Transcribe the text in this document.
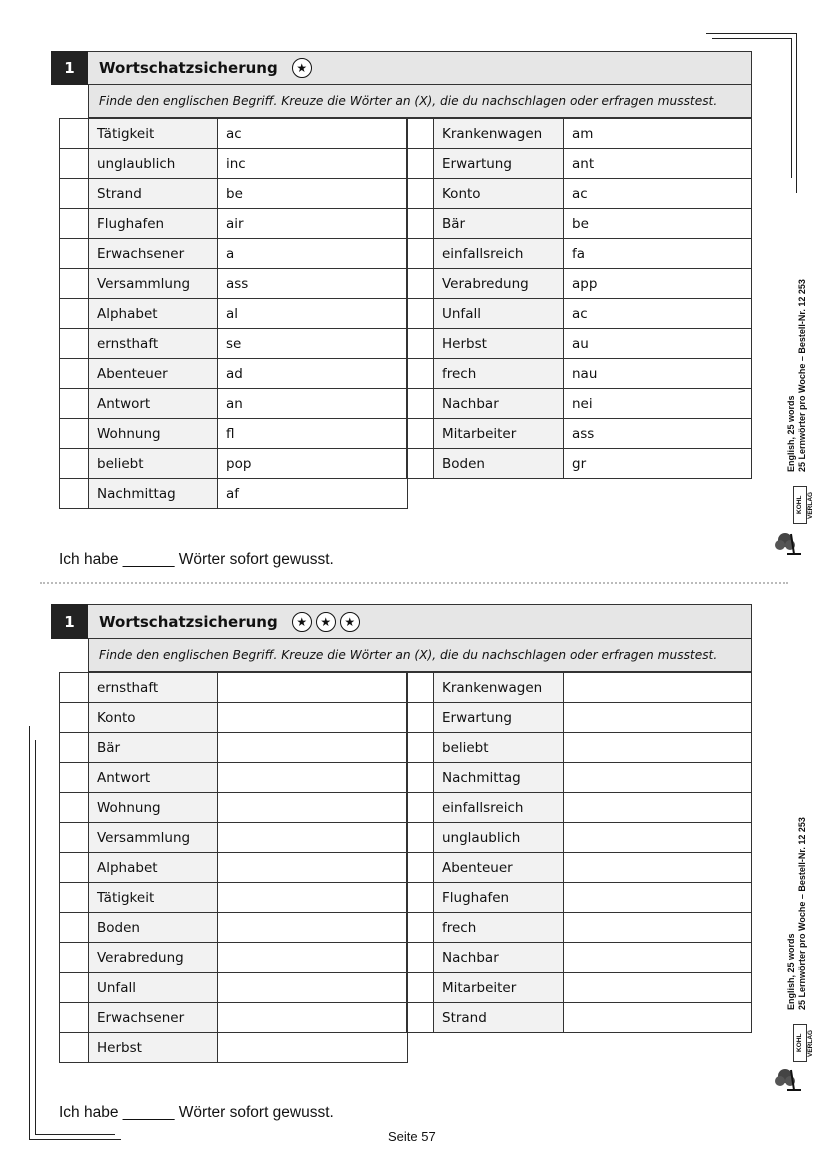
1	Wortschatzsicherung	★
Finde den englischen Begriff. Kreuze die Wörter an (X), die du nachschlagen oder erfragen musstest.
	Tätigkeit	ac
	unglaublich	inc
	Strand	be
	Flughafen	air
	Erwachsener	a
	Versammlung	ass
	Alphabet	al
	ernsthaft	se
	Abenteuer	ad
	Antwort	an
	Wohnung	fl
	beliebt	pop
	Nachmittag	af
	Krankenwagen	am
	Erwartung	ant
	Konto	ac
	Bär	be
	einfallsreich	fa
	Verabredung	app
	Unfall	ac
	Herbst	au
	frech	nau
	Nachbar	nei
	Mitarbeiter	ass
	Boden	gr
Ich habe ______ Wörter sofort gewusst.
1	Wortschatzsicherung	★	★	★
Finde den englischen Begriff. Kreuze die Wörter an (X), die du nachschlagen oder erfragen musstest.
	ernsthaft	
	Konto	
	Bär	
	Antwort	
	Wohnung	
	Versammlung	
	Alphabet	
	Tätigkeit	
	Boden	
	Verabredung	
	Unfall	
	Erwachsener	
	Herbst	
	Krankenwagen	
	Erwartung	
	beliebt	
	Nachmittag	
	einfallsreich	
	unglaublich	
	Abenteuer	
	Flughafen	
	frech	
	Nachbar	
	Mitarbeiter	
	Strand	
Ich habe ______ Wörter sofort gewusst.
English, 25 words 25 Lernwörter pro Woche – Bestell-Nr. 12 253
KOHL VERLAG
English, 25 words 25 Lernwörter pro Woche – Bestell-Nr. 12 253
KOHL VERLAG
Seite 57
